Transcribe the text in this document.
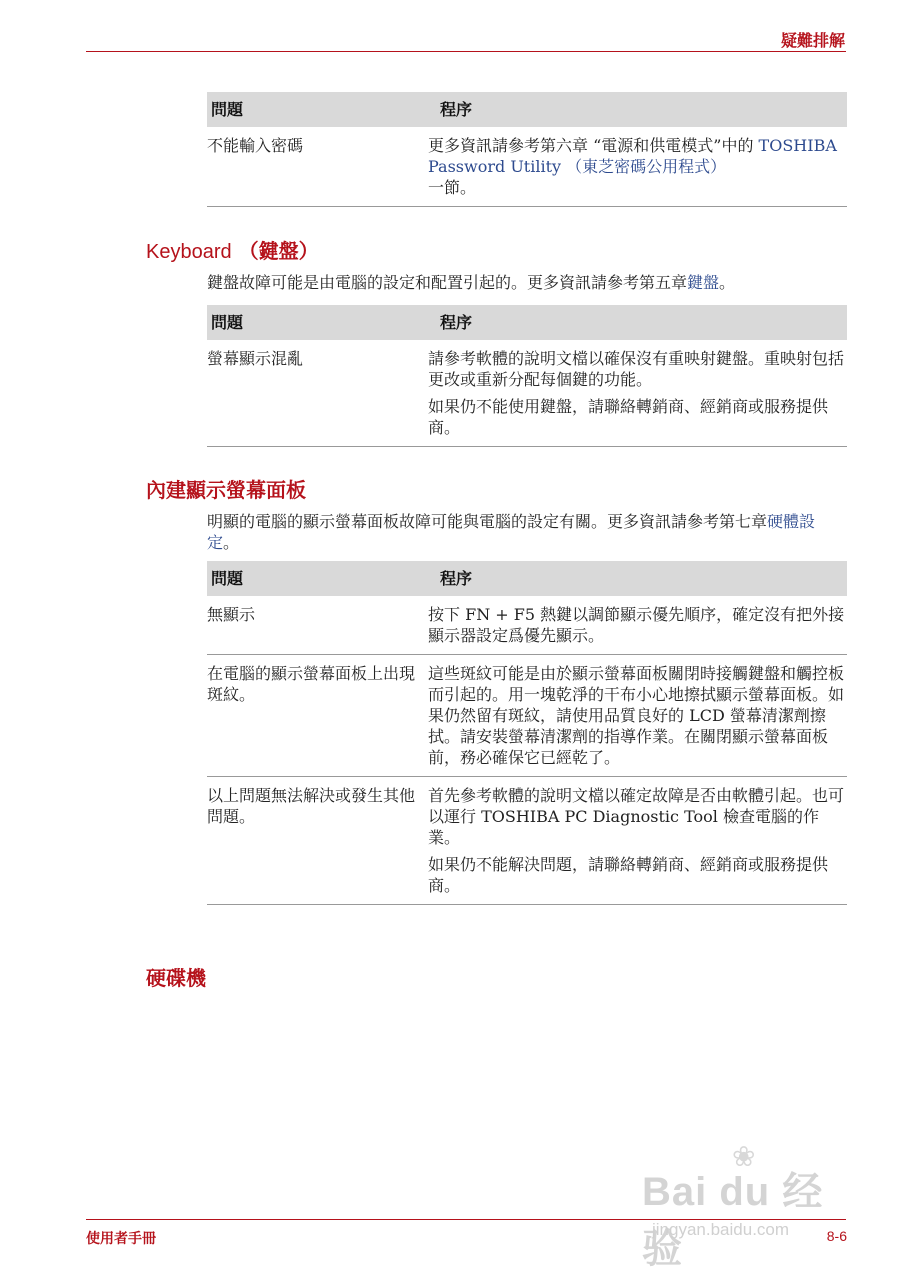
疑難排解
問題	程序
不能輸入密碼	更多資訊請參考第六章 “電源和供電模式”中的 TOSHIBA Password Utility （東芝密碼公用程式）
一節。

Keyboard （鍵盤）
鍵盤故障可能是由電腦的設定和配置引起的。更多資訊請參考第五章鍵盤。
問題	程序
螢幕顯示混亂	請參考軟體的說明文檔以確保沒有重映射鍵盤。重映射包括更改或重新分配每個鍵的功能。

如果仍不能使用鍵盤，請聯絡轉銷商、經銷商或服務提供商。

內建顯示螢幕面板
明顯的電腦的顯示螢幕面板故障可能與電腦的設定有關。更多資訊請參考第七章硬體設定。
問題	程序
無顯示	按下 FN + F5 熱鍵以調節顯示優先順序，確定沒有把外接顯示器設定爲優先顯示。

在電腦的顯示螢幕面板上出現斑紋。	這些斑紋可能是由於顯示螢幕面板關閉時接觸鍵盤和觸控板而引起的。用一塊乾淨的干布小心地擦拭顯示螢幕面板。如果仍然留有斑紋，請使用品質良好的 LCD 螢幕清潔劑擦拭。請安裝螢幕清潔劑的指導作業。在關閉顯示螢幕面板前，務必確保它已經乾了。

以上問題無法解決或發生其他問題。	首先參考軟體的說明文檔以確定故障是否由軟體引起。也可以運行 TOSHIBA PC Diagnostic Tool 檢查電腦的作業。

如果仍不能解決問題，請聯絡轉銷商、經銷商或服務提供商。

硬碟機
❀
Bai du 经验
jingyan.baidu.com
使用者手冊	8-6
